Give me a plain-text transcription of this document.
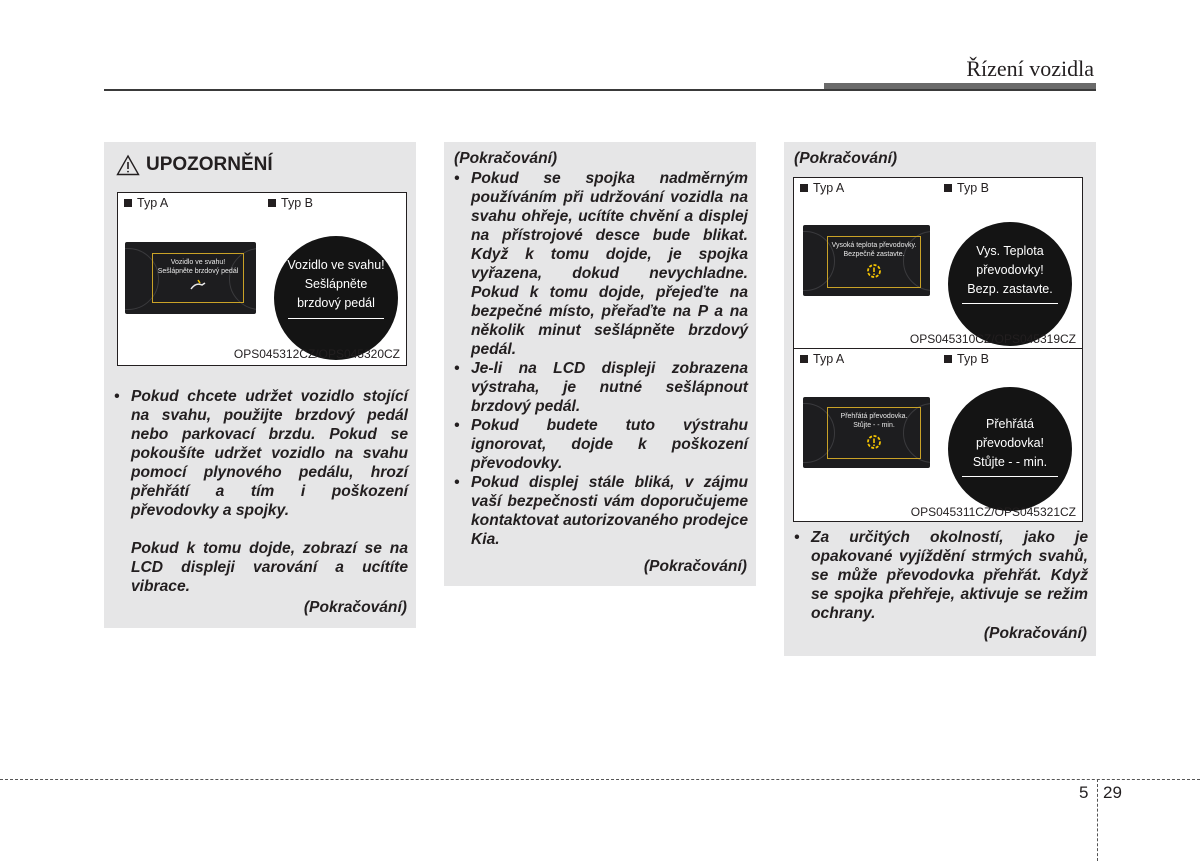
Řízení vozidla
UPOZORNĚNÍ
Typ A	Typ B
Vozidlo ve svahu!
Sešlápněte brzdový pedál	Vozidlo ve svahu!
Sešlápněte
brzdový pedál
OPS045312CZ/OPS045320CZ
• Pokud chcete udržet vozidlo stojící na svahu, použijte brzdový pedál nebo parkovací brzdu. Pokud se pokoušíte udržet vozidlo na svahu pomocí plynového pedálu, hrozí přehřátí a tím i poškození převodovky a spojky.
Pokud k tomu dojde, zobrazí se na LCD displeji varování a ucítíte vibrace.
(Pokračování)
(Pokračování)
• Pokud se spojka nadměrným používáním při udržování vozidla na svahu ohřeje, ucítíte chvění a displej na přístrojové desce bude blikat. Když k tomu dojde, je spojka vyřazena, dokud nevychladne. Pokud k tomu dojde, přejeďte na bezpečné místo, přeřaďte na P a na několik minut sešlápněte brzdový pedál.
• Je-li na LCD displeji zobrazena výstraha, je nutné sešlápnout brzdový pedál.
• Pokud budete tuto výstrahu ignorovat, dojde k poškození převodovky.
• Pokud displej stále bliká, v zájmu vaší bezpečnosti vám doporučujeme kontaktovat autorizovaného prodejce Kia.
(Pokračování)
(Pokračování)
Typ A	Typ B
Vysoká teplota převodovky.
Bezpečně zastavte.	Vys. Teplota
převodovky!
Bezp. zastavte.
OPS045310CZ/OPS045319CZ
Typ A	Typ B
Přehřátá převodovka.
Stůjte - - min.	Přehřátá
převodovka!
Stůjte - - min.
OPS045311CZ/OPS045321CZ
• Za určitých okolností, jako je opakované vyjíždění strmých svahů, se může převodovka přehřát. Když se spojka přehřeje, aktivuje se režim ochrany.
(Pokračování)
5 29
